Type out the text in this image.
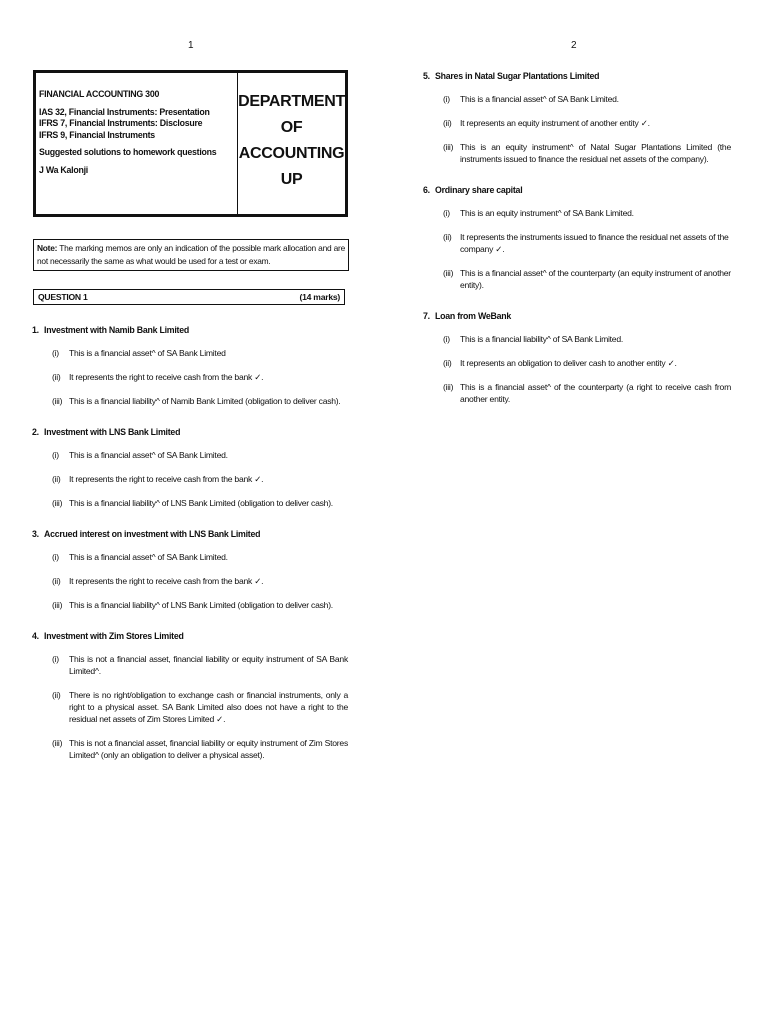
1	2
FINANCIAL ACCOUNTING 300
IAS 32, Financial Instruments: Presentation
IFRS 7, Financial Instruments: Disclosure
IFRS 9, Financial Instruments
Suggested solutions to homework questions
J Wa Kalonji
DEPARTMENT
OF
ACCOUNTING
UP
Note: The marking memos are only an indication of the possible mark allocation and are not necessarily the same as what would be used for a test or exam.
QUESTION 1	(14 marks)
1. Investment with Namib Bank Limited
(i)	This is a financial asset^ of SA Bank Limited
(ii) It represents the right to receive cash from the bank ✓.
(iii) This is a financial liability^ of Namib Bank Limited (obligation to deliver cash).
2. Investment with LNS Bank Limited
(i)	This is a financial asset^ of SA Bank Limited.
(ii) It represents the right to receive cash from the bank ✓.
(iii) This is a financial liability^ of LNS Bank Limited (obligation to deliver cash).
3. Accrued interest on investment with LNS Bank Limited
(i)	This is a financial asset^ of SA Bank Limited.
(ii) It represents the right to receive cash from the bank ✓.
(iii) This is a financial liability^ of LNS Bank Limited (obligation to deliver cash).
4. Investment with Zim Stores Limited
(i)	This is not a financial asset, financial liability or equity instrument of SA Bank Limited^.
(ii) There is no right/obligation to exchange cash or financial instruments, only a right to a physical asset. SA Bank Limited also does not have a right to the residual net assets of Zim Stores Limited ✓.
(iii) This is not a financial asset, financial liability or equity instrument of Zim Stores Limited^ (only an obligation to deliver a physical asset).
5. Shares in Natal Sugar Plantations Limited
(i)	This is a financial asset^ of SA Bank Limited.
(ii) It represents an equity instrument of another entity ✓.
(iii) This is an equity instrument^ of Natal Sugar Plantations Limited (the instruments issued to finance the residual net assets of the company).
6. Ordinary share capital
(i)	This is an equity instrument^ of SA Bank Limited.
(ii) It represents the instruments issued to finance the residual net assets of the company ✓.
(iii) This is a financial asset^ of the counterparty (an equity instrument of another entity).
7. Loan from WeBank
(i)	This is a financial liability^ of SA Bank Limited.
(ii) It represents an obligation to deliver cash to another entity ✓.
(iii) This is a financial asset^ of the counterparty (a right to receive cash from another entity.
